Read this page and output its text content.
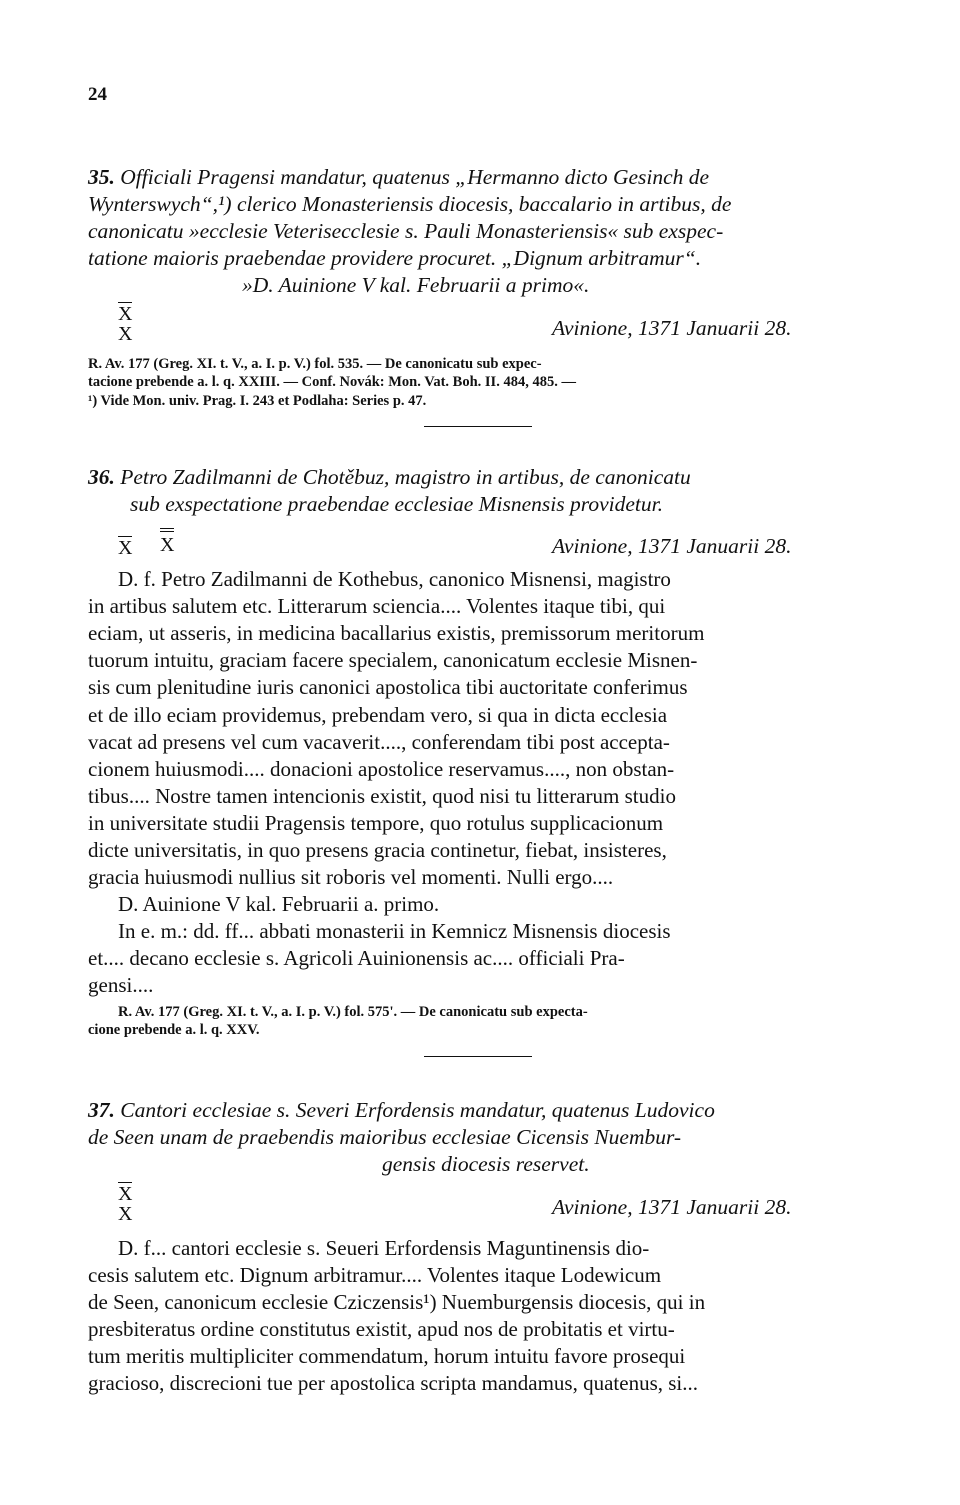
24
35. Officiali Pragensi mandatur, quatenus „Hermanno dicto Gesinch de
Wynterswych“,¹) clerico Monasteriensis diocesis, baccalario in artibus, de
canonicatu »ecclesie Veterisecclesie s. Pauli Monasteriensis« sub exspec-
tatione maioris praebendae providere procuret. „Dignum arbitramur“.
»D. Auinione V kal. Februarii a primo«.
X
X	Avinione, 1371 Januarii 28.
R. Av. 177 (Greg. XI. t. V., a. I. p. V.) fol. 535. — De canonicatu sub expec-
tacione prebende a. l. q. XXIII. — Conf. Novák: Mon. Vat. Boh. II. 484, 485. —
¹) Vide Mon. univ. Prag. I. 243 et Podlaha: Series p. 47.
36. Petro Zadilmanni de Chotěbuz, magistro in artibus, de canonicatu
sub exspectatione praebendae ecclesiae Misnensis providetur.
X X	Avinione, 1371 Januarii 28.
D. f. Petro Zadilmanni de Kothebus, canonico Misnensi, magistro
in artibus salutem etc. Litterarum sciencia.... Volentes itaque tibi, qui
eciam, ut asseris, in medicina bacallarius existis, premissorum meritorum
tuorum intuitu, graciam facere specialem, canonicatum ecclesie Misnen-
sis cum plenitudine iuris canonici apostolica tibi auctoritate conferimus
et de illo eciam providemus, prebendam vero, si qua in dicta ecclesia
vacat ad presens vel cum vacaverit...., conferendam tibi post accepta-
cionem huiusmodi.... donacioni apostolice reservamus...., non obstan-
tibus.... Nostre tamen intencionis existit, quod nisi tu litterarum studio
in universitate studii Pragensis tempore, quo rotulus supplicacionum
dicte universitatis, in quo presens gracia continetur, fiebat, insisteres,
gracia huiusmodi nullius sit roboris vel momenti. Nulli ergo....
D. Auinione V kal. Februarii a. primo.
In e. m.: dd. ff... abbati monasterii in Kemnicz Misnensis diocesis
et.... decano ecclesie s. Agricoli Auinionensis ac.... officiali Pra-
gensi....
R. Av. 177 (Greg. XI. t. V., a. I. p. V.) fol. 575'. — De canonicatu sub expecta-
cione prebende a. l. q. XXV.
37. Cantori ecclesiae s. Severi Erfordensis mandatur, quatenus Ludovico
de Seen unam de praebendis maioribus ecclesiae Cicensis Nuembur-
gensis diocesis reservet.
X
X	Avinione, 1371 Januarii 28.
D. f... cantori ecclesie s. Seueri Erfordensis Maguntinensis dio-
cesis salutem etc. Dignum arbitramur.... Volentes itaque Lodewicum
de Seen, canonicum ecclesie Cziczensis¹) Nuemburgensis diocesis, qui in
presbiteratus ordine constitutus existit, apud nos de probitatis et virtu-
tum meritis multipliciter commendatum, horum intuitu favore prosequi
gracioso, discrecioni tue per apostolica scripta mandamus, quatenus, si...
